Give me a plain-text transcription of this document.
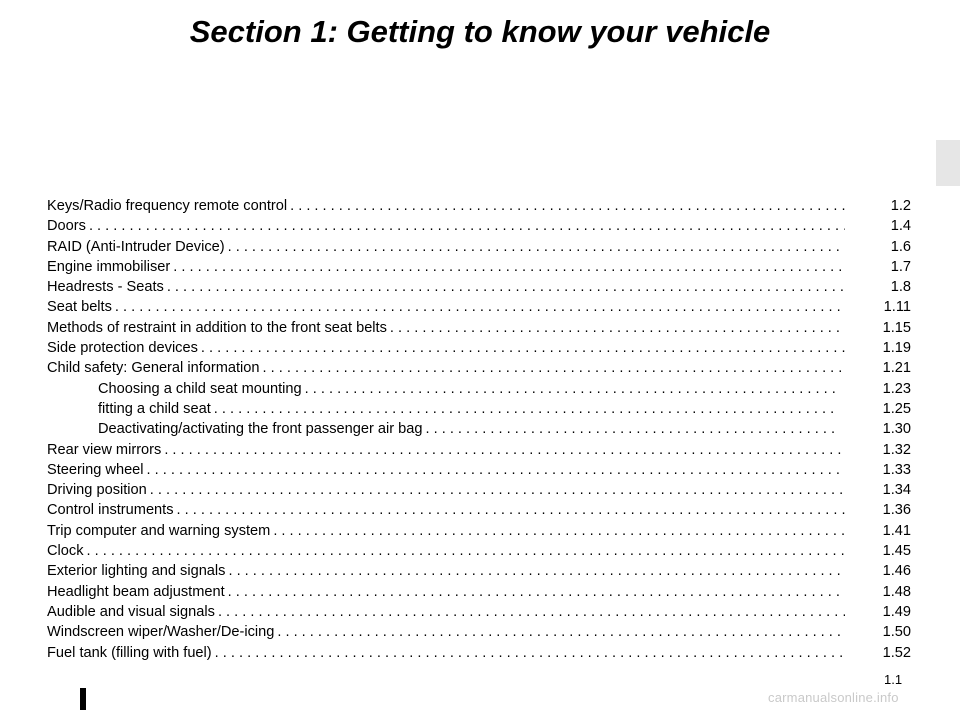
Section 1: Getting to know your vehicle
Keys/Radio frequency remote control . . .	1.2
Doors . . .	1.4
RAID (Anti-Intruder Device) . . .	1.6
Engine immobiliser . . .	1.7
Headrests - Seats . . .	1.8
Seat belts . . .	1.11
Methods of restraint in addition to the front seat belts . . .	1.15
Side protection devices . . .	1.19
Child safety: General information . . .	1.21
Choosing a child seat mounting . . .	1.23
fitting a child seat . . .	1.25
Deactivating/activating the front passenger air bag . . .	1.30
Rear view mirrors . . .	1.32
Steering wheel . . .	1.33
Driving position . . .	1.34
Control instruments . . .	1.36
Trip computer and warning system . . .	1.41
Clock . . .	1.45
Exterior lighting and signals . . .	1.46
Headlight beam adjustment . . .	1.48
Audible and visual signals . . .	1.49
Windscreen wiper/Washer/De-icing . . .	1.50
Fuel tank (filling with fuel) . . .	1.52
1.1
carmanualsonline.info
